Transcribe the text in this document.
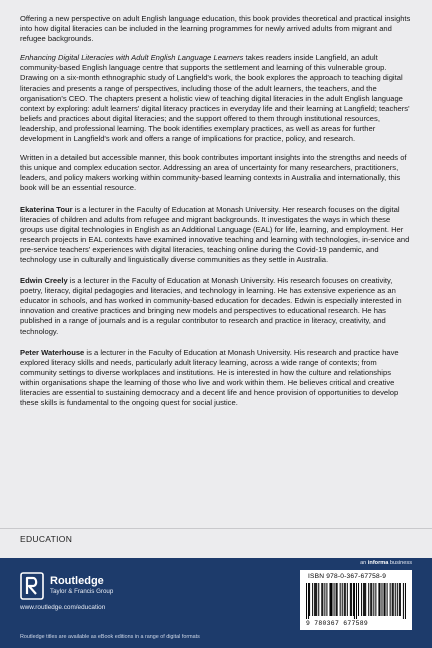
Offering a new perspective on adult English language education, this book provides theoretical and practical insights into how digital literacies can be included in the learning programmes for newly arrived adults from migrant and refugee backgrounds.

Enhancing Digital Literacies with Adult English Language Learners takes readers inside Langfield, an adult community-based English language centre that supports the settlement and learning of this vulnerable group. Drawing on a six-month ethnographic study of Langfield's work, the book explores the approach to teaching digital literacies and presents a range of perspectives, including those of the adult learners, the teachers, and the organisation's CEO. The chapters present a holistic view of teaching digital literacies in the adult English language context by exploring: adult learners' digital literacy practices in everyday life and their learning at Langfield; teachers' beliefs and practices about digital literacies; and the support offered to them through institutional resources, leadership, and professional learning. The book identifies exemplary practices, as well as areas for further development in Langfield's work and offers a range of implications for practice, policy, and research.

Written in a detailed but accessible manner, this book contributes important insights into the strengths and needs of this unique and complex education sector. Addressing an area of uncertainty for many researchers, practitioners, leaders, and policy makers working within community-based learning contexts in Australia and internationally, this book will be an essential resource.

Ekaterina Tour is a lecturer in the Faculty of Education at Monash University. Her research focuses on the digital literacies of children and adults from refugee and migrant backgrounds. It investigates the ways in which these groups use digital technologies in English as an Additional Language (EAL) for life, learning, and employment. Her research projects in EAL contexts have examined innovative teaching and learning with technologies, in-service and pre-service teachers' experiences with digital literacies, teaching online during the Covid-19 pandemic, and technology use in culturally and linguistically diverse communities as they settle in Australia.

Edwin Creely is a lecturer in the Faculty of Education at Monash University. His research focuses on creativity, poetry, literacy, digital pedagogies and literacies, and technology in learning. He has extensive experience as an educator in schools, and has worked in community-based education for decades. Edwin is especially interested in innovation and creative practices and bringing new models and perspectives to educational research. He has published in a range of journals and is a regular contributor to research and practice in literacy, creativity, and technology.

Peter Waterhouse is a lecturer in the Faculty of Education at Monash University. His research and practice have explored literacy skills and needs, particularly adult literacy learning, across a wide range of contexts; from community settings to diverse workplaces and institutions. He is interested in how the culture and relationships within organisations shape the learning of those who live and work within them. He believes critical and creative literacies are essential to sustaining democracy and a decent life and hence provision of opportunities to develop these skills is fundamental to the ongoing quest for social justice.

EDUCATION
an informa business
Routledge
Taylor & Francis Group
www.routledge.com/education
Routledge titles are available as eBook editions in a range of digital formats
ISBN 978-0-367-67758-9
9 780367 677589
